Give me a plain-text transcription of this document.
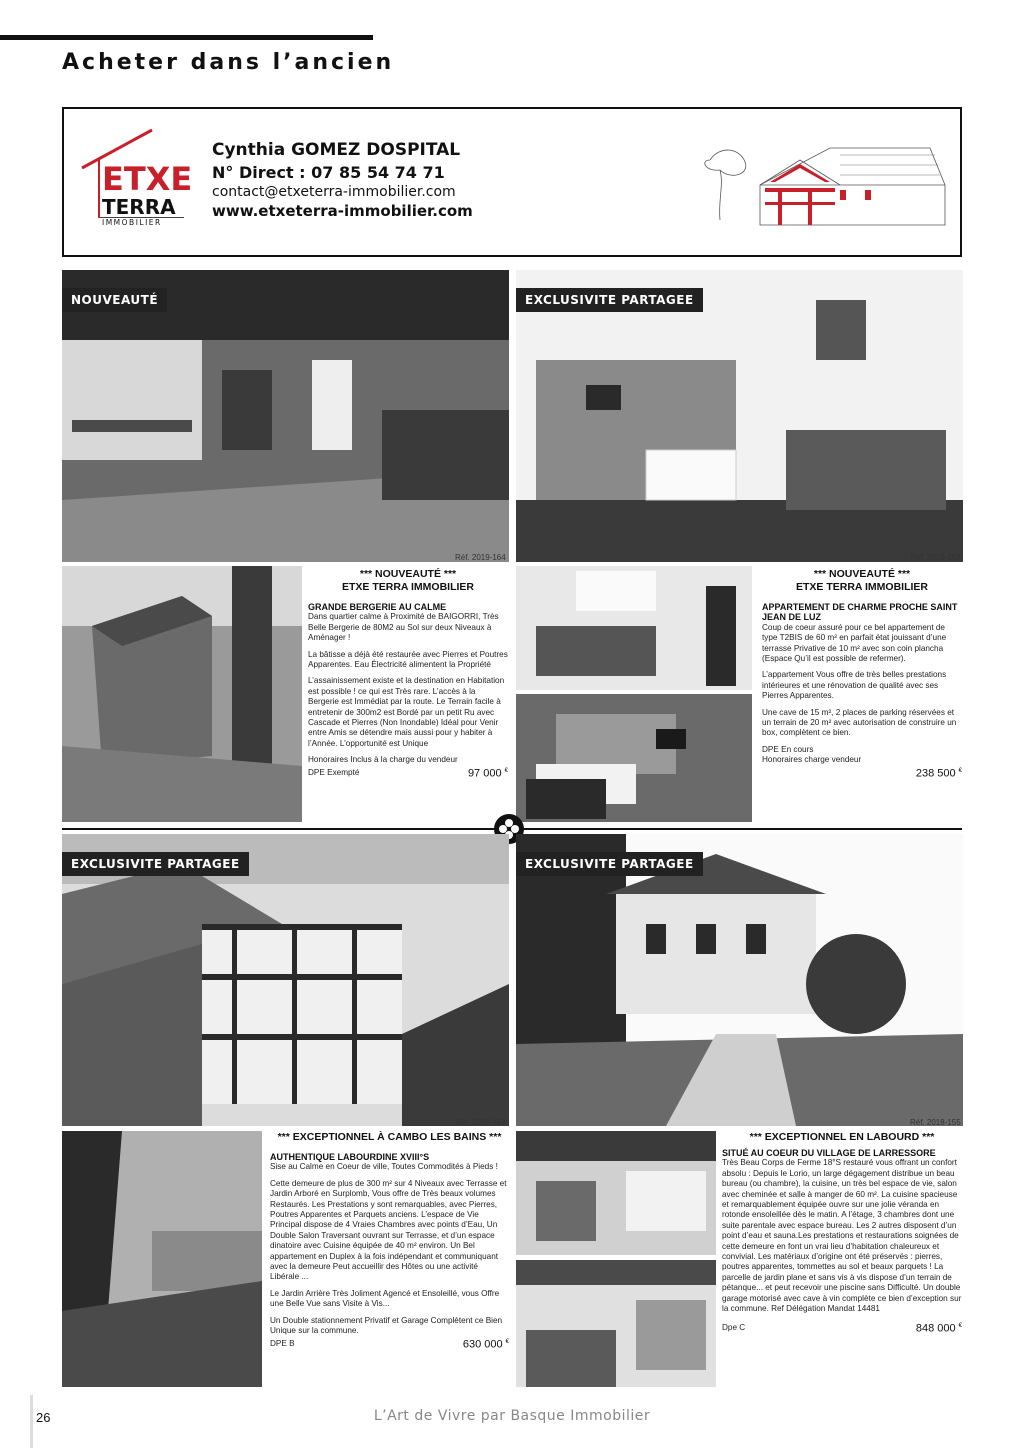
Acheter dans l’ancien
ETXE
TERRA
IMMOBILIER
Cynthia GOMEZ DOSPITAL
N° Direct : 07 85 54 74 71
contact@etxeterra-immobilier.com
www.etxeterra-immobilier.com
NOUVEAUTÉ
Réf. 2019-164
*** NOUVEAUTÉ ***
ETXE TERRA IMMOBILIER
GRANDE BERGERIE AU CALME

Dans quartier calme à Proximité de BAIGORRI, Très Belle Bergerie de 80M2 au Sol sur deux Niveaux à Aménager !

La bâtisse a déjà été restaurée avec Pierres et Poutres Apparentes. Eau Électricité alimentent la Propriété

L’assainissement existe et la destination en Habitation est possible ! ce qui est Très rare. L’accès à la Bergerie est Immédiat par la route. Le Terrain facile à entretenir de 300m2 est Bordé par un petit Ru avec Cascade et Pierres (Non Inondable) Idéal pour Venir entre Amis se détendre mais aussi pour y habiter à l’Année. L’opportunité est Unique

Honoraires Inclus à la charge du vendeur
DPE Exempté	97 000 €
EXCLUSIVITE PARTAGEE
Réf. 2018-163
*** NOUVEAUTÉ ***
ETXE TERRA IMMOBILIER
APPARTEMENT DE CHARME PROCHE SAINT JEAN DE LUZ

Coup de coeur assuré pour ce bel appartement de type T2BIS de 60 m² en parfait état jouissant d’une terrasse Privative de 10 m² avec son coin plancha (Espace Qu’il est possible de refermer).

L’appartement Vous offre de très belles prestations intérieures et une rénovation de qualité avec ses Pierres Apparentes.

Une cave de 15 m², 2 places de parking réservées et un terrain de 20 m² avec autorisation de construire un box, complètent ce bien.

DPE En cours
Honoraires charge vendeur
238 500 €
EXCLUSIVITE PARTAGEE
Réf. 2018-157
*** EXCEPTIONNEL À CAMBO LES BAINS ***
AUTHENTIQUE LABOURDINE XVIII°S

Sise au Calme en Coeur de ville, Toutes Commodités à Pieds !

Cette demeure de plus de 300 m² sur 4 Niveaux avec Terrasse et Jardin Arboré en Surplomb, Vous offre de Très beaux volumes Restaurés. Les Prestations y sont remarquables, avec Pierres, Poutres Apparentes et Parquets anciens. L’espace de Vie Principal dispose de 4 Vraies Chambres avec points d’Eau, Un Double Salon Traversant ouvrant sur Terrasse, et d’un espace dinatoire avec Cuisine équipée de 40 m² environ. Un Bel appartement en Duplex à la fois indépendant et communiquant avec la demeure Peut accueillir des Hôtes ou une activité Libérale ...

Le Jardin Arrière Très Joliment Agencé et Ensoleillé, vous Offre une Belle Vue sans Visite à Vis...

Un Double stationnement Privatif et Garage Complètent ce Bien Unique sur la commune.
DPE B	630 000 €
EXCLUSIVITE PARTAGEE
Réf. 2018-155
*** EXCEPTIONNEL EN LABOURD ***
SITUÉ AU COEUR DU VILLAGE DE LARRESSORE

Très Beau Corps de Ferme 18°S restauré vous offrant un confort absolu : Depuis le Lorio, un large dégagement distribue un beau bureau (ou chambre), la cuisine, un très bel espace de vie, salon avec cheminée et salle à manger de 60 m². La cuisine spacieuse et remarquablement équipée ouvre sur une jolie véranda en rotonde ensoleillée dès le matin. A l’étage, 3 chambres dont une suite parentale avec espace bureau. Les 2 autres disposent d’un point d’eau et sauna.Les prestations et restaurations soignées de cette demeure en font un vrai lieu d’habitation chaleureux et convivial. Les matériaux d’origine ont été préservés : pierres, poutres apparentes, tommettes au sol et beaux parquets ! La parcelle de jardin plane et sans vis à vis dispose d’un terrain de pétanque... et peut recevoir une piscine sans Difficulté. Un double garage motorisé avec cave à vin complète ce bien d’exception sur la commune. Ref Délégation Mandat 14481

Dpe C	848 000 €
26	L’Art de Vivre par Basque Immobilier
